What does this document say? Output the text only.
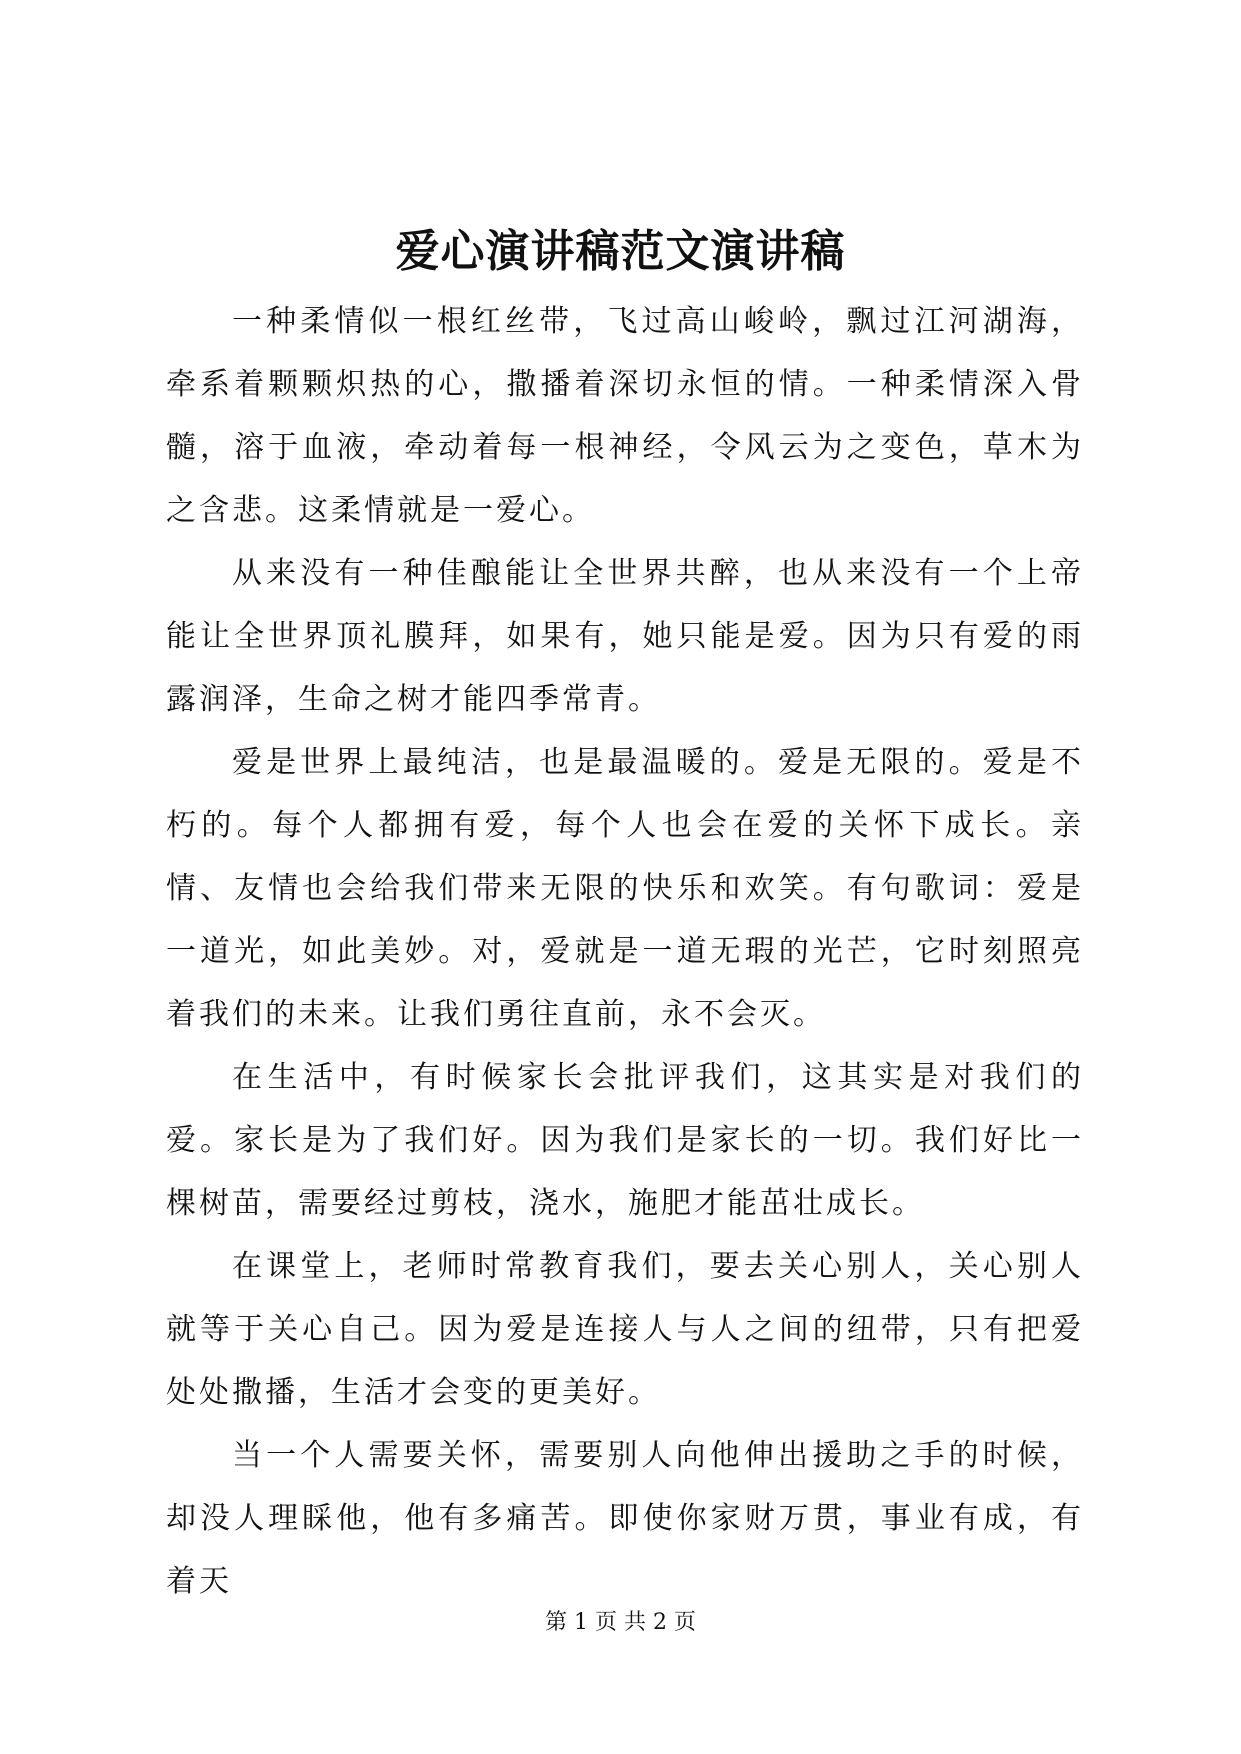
爱心演讲稿范文演讲稿

一种柔情似一根红丝带，飞过高山峻岭，飘过江河湖海，牵系着颗颗炽热的心，撒播着深切永恒的情。一种柔情深入骨髓，溶于血液，牵动着每一根神经，令风云为之变色，草木为之含悲。这柔情就是一爱心。

从来没有一种佳酿能让全世界共醉，也从来没有一个上帝能让全世界顶礼膜拜，如果有，她只能是爱。因为只有爱的雨露润泽，生命之树才能四季常青。

爱是世界上最纯洁，也是最温暖的。爱是无限的。爱是不朽的。每个人都拥有爱，每个人也会在爱的关怀下成长。亲情、友情也会给我们带来无限的快乐和欢笑。有句歌词：爱是一道光，如此美妙。对，爱就是一道无瑕的光芒，它时刻照亮着我们的未来。让我们勇往直前，永不会灭。

在生活中，有时候家长会批评我们，这其实是对我们的爱。家长是为了我们好。因为我们是家长的一切。我们好比一棵树苗，需要经过剪枝，浇水，施肥才能茁壮成长。

在课堂上，老师时常教育我们，要去关心别人，关心别人就等于关心自己。因为爱是连接人与人之间的纽带，只有把爱处处撒播，生活才会变的更美好。

当一个人需要关怀，需要别人向他伸出援助之手的时候，却没人理睬他，他有多痛苦。即使你家财万贯，事业有成，有着天

第 1 页 共 2 页
